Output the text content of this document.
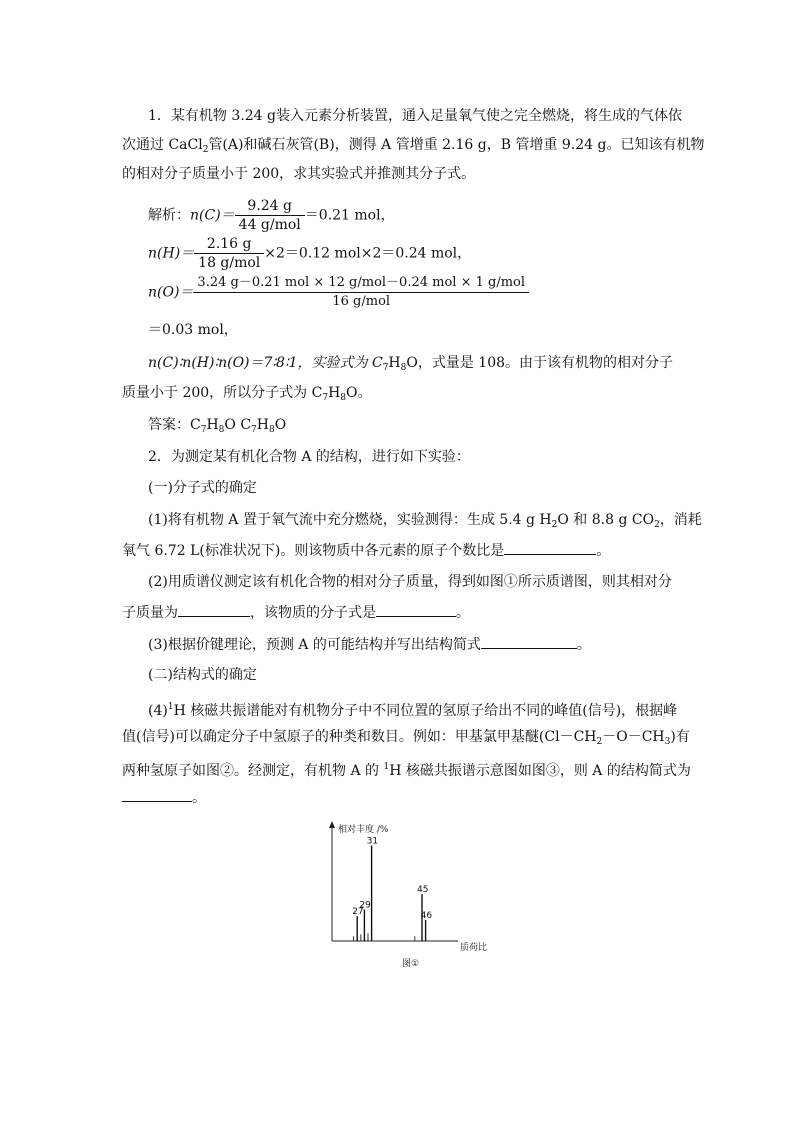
1．某有机物 3.24 g装入元素分析装置，通入足量氧气使之完全燃烧，将生成的气体依
次通过 CaCl$_2$管(A)和碱石灰管(B)，测得 A 管增重 2.16 g，B 管增重 9.24 g。已知该有机物
的相对分子质量小于 200，求其实验式并推测其分子式。
解析：$n(C)= \frac{9.24 g}{\text{44 g/mol}} =0.21$ mol，
$n(H)= \frac{2.16 g}{\text{18 g/mol}} \times 2=0.12$ mol×2＝0.24 mol，
$n(O)= \frac{\text{3.24 g－0.21 mol × 12 g/mol－0.24 mol × 1 g/mol}}{\text{16 g/mol}}$
＝0.03 mol，
n(C)∶n(H)∶n(O)＝7∶8∶1，实验式为 $C_7H_8O$，式量是 108。由于该有机物的相对分子
质量小于 200，所以分子式为 $C_7H_8O$。
答案：$C_7H_8O$ $C_7H_8O$
2．为测定某有机化合物 A 的结构，进行如下实验：
(一)分子式的确定
(1)将有机物 A 置于氧气流中充分燃烧，实验测得：生成 5.4 g $H_2O$ 和 8.8 g $CO_2$，消耗
氧气 6.72 L(标准状况下)。则该物质中各元素的原子个数比是	。
(2)用质谱仪测定该有机化合物的相对分子质量，得到如图①所示质谱图，则其相对分
子质量为	，该物质的分子式是	。
(3)根据价键理论，预测 A 的可能结构并写出结构简式	。
(二)结构式的确定
$(4)^1H$ 核磁共振谱能对有机物分子中不同位置的氢原子给出不同的峰值(信号)，根据峰
值(信号)可以确定分子中氢原子的种类和数目。例如：甲基氯甲基醚$(Cl-CH_2-O-CH_3)$有
两种氢原子如图②。经测定，有机物 A 的 $^1$H 核磁共振谱示意图如图③，则 A 的结构简式为
。
相对丰度 /%
质荷比
图①
27
29
31
45
46
